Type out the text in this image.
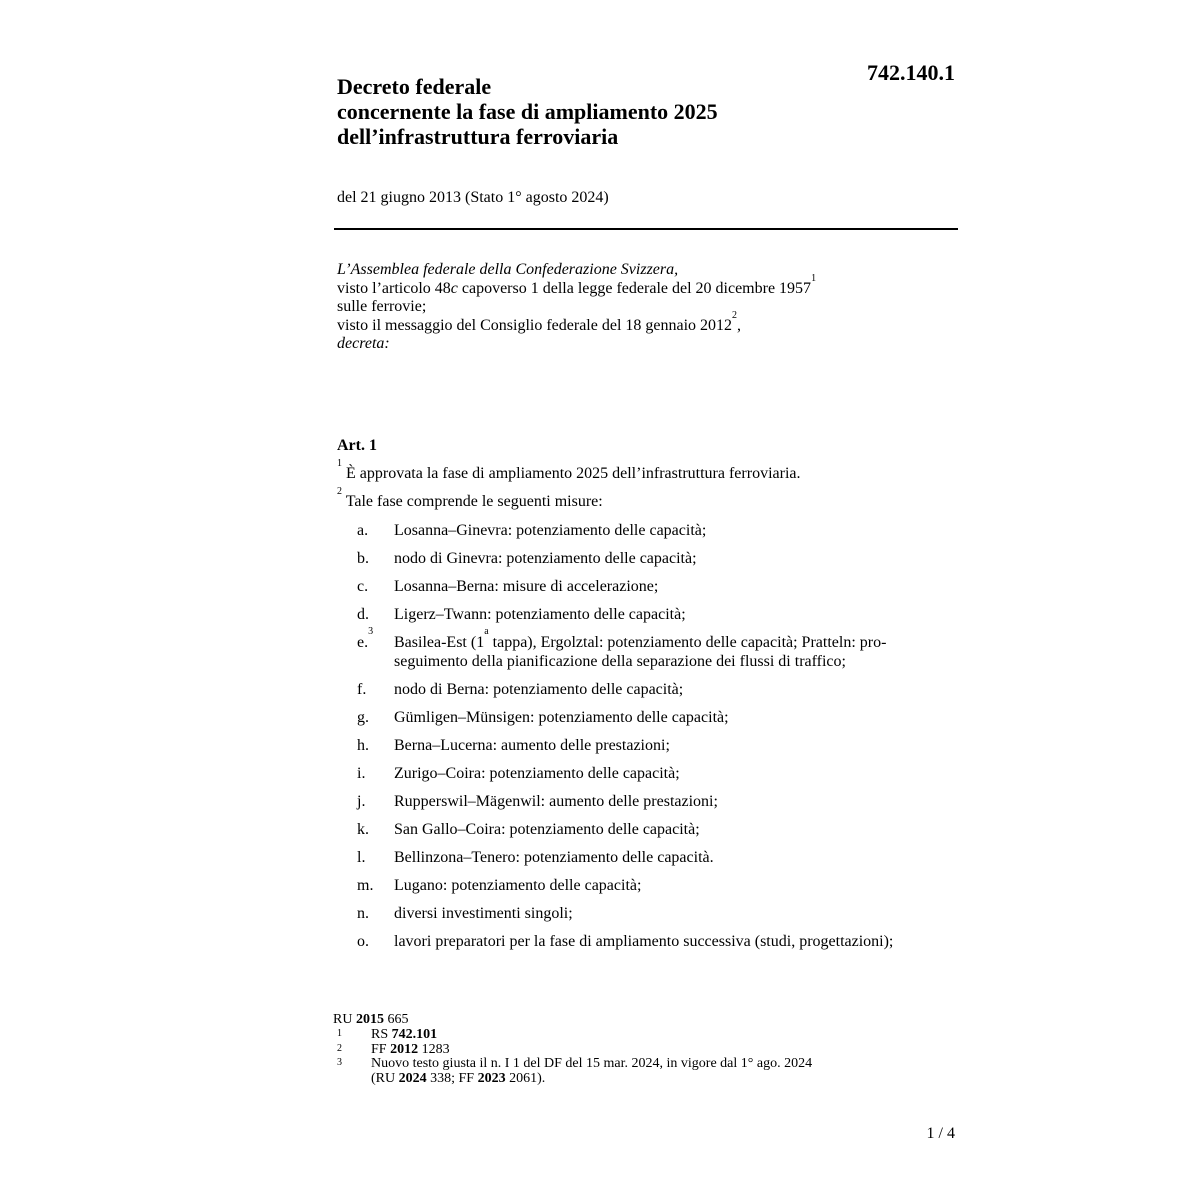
742.140.1
Decreto federale
concernente la fase di ampliamento 2025
dell’infrastruttura ferroviaria
del 21 giugno 2013 (Stato 1° agosto 2024)
L’Assemblea federale della Confederazione Svizzera,
visto l’articolo 48c capoverso 1 della legge federale del 20 dicembre 1957$^1$
sulle ferrovie;
visto il messaggio del Consiglio federale del 18 gennaio 2012$^2$,
decreta:
Art. 1
$^1$ È approvata la fase di ampliamento 2025 dell’infrastruttura ferroviaria.
$^2$ Tale fase comprende le seguenti misure:
a.	Losanna–Ginevra: potenziamento delle capacità;
b.	nodo di Ginevra: potenziamento delle capacità;
c.	Losanna–Berna: misure di accelerazione;
d.	Ligerz–Twann: potenziamento delle capacità;
e.$^3$
Basilea-Est (1$^a$ tappa), Ergolztal: potenziamento delle capacità; Pratteln: pro-
seguimento della pianificazione della separazione dei flussi di traffico;
f.	nodo di Berna: potenziamento delle capacità;
g.	Gümligen–Münsigen: potenziamento delle capacità;
h.	Berna–Lucerna: aumento delle prestazioni;
i.	Zurigo–Coira: potenziamento delle capacità;
j.	Rupperswil–Mägenwil: aumento delle prestazioni;
k.	San Gallo–Coira: potenziamento delle capacità;
l.	Bellinzona–Tenero: potenziamento delle capacità.
m.	Lugano: potenziamento delle capacità;
n.	diversi investimenti singoli;
o.	lavori preparatori per la fase di ampliamento successiva (studi, progettazioni);
RU 2015 665
1 RS 742.101
2 FF 2012 1283
3 Nuovo testo giusta il n. I 1 del DF del 15 mar. 2024, in vigore dal 1° ago. 2024
(RU 2024 338; FF 2023 2061).
1 / 4
